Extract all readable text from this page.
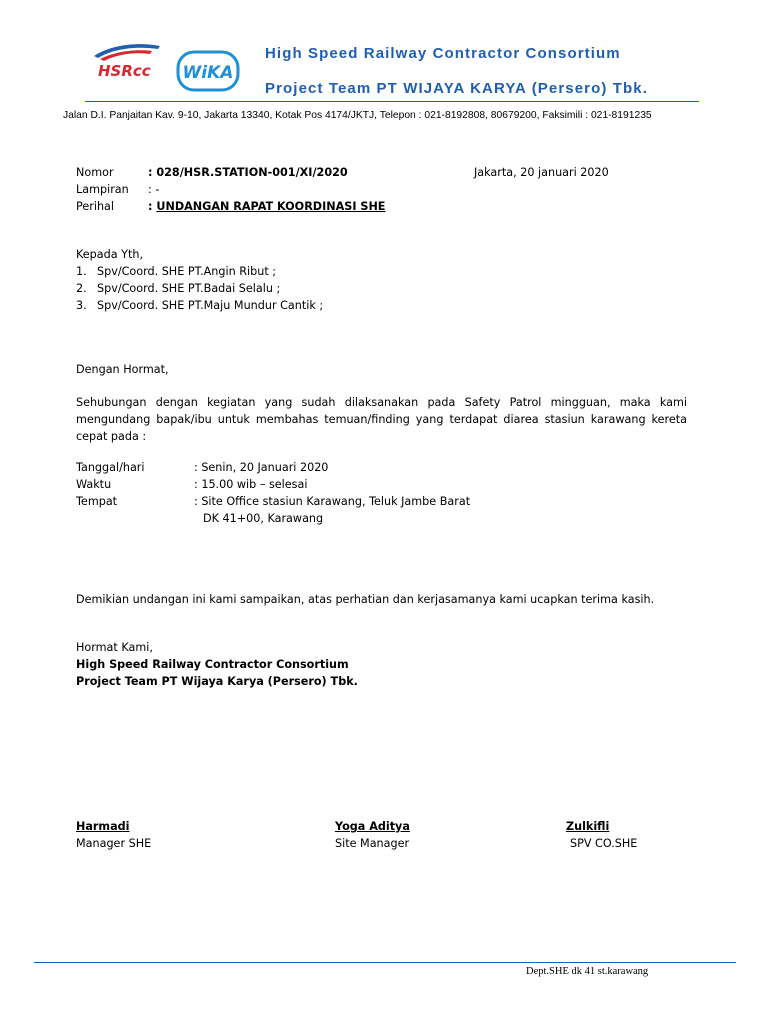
HSRcc WiKA
High Speed Railway Contractor Consortium
Project Team PT WIJAYA KARYA (Persero) Tbk.
Jalan D.I. Panjaitan Kav. 9-10, Jakarta 13340, Kotak Pos 4174/JKTJ, Telepon : 021-8192808, 80679200, Faksimili : 021-8191235
Nomor	: 028/HSR.STATION-001/XI/2020	Jakarta, 20 januari 2020
Lampiran : -
Perihal	: UNDANGAN RAPAT KOORDINASI SHE
Kepada Yth,
1. Spv/Coord. SHE PT.Angin Ribut ;
2. Spv/Coord. SHE PT.Badai Selalu ;
3. Spv/Coord. SHE PT.Maju Mundur Cantik ;
Dengan Hormat,
Sehubungan dengan kegiatan yang sudah dilaksanakan pada Safety Patrol mingguan, maka kami
mengundang bapak/ibu untuk membahas temuan/finding yang terdapat diarea stasiun karawang kereta
cepat pada :
Tanggal/hari	: Senin, 20 Januari 2020
Waktu	: 15.00 wib – selesai
Tempat	: Site Office stasiun Karawang, Teluk Jambe Barat
DK 41+00, Karawang
Demikian undangan ini kami sampaikan, atas perhatian dan kerjasamanya kami ucapkan terima kasih.
Hormat Kami,
High Speed Railway Contractor Consortium
Project Team PT Wijaya Karya (Persero) Tbk.
Harmadi
Manager SHE
Yoga Aditya
Site Manager
Zulkifli
SPV CO.SHE
Dept.SHE dk 41 st.karawang
